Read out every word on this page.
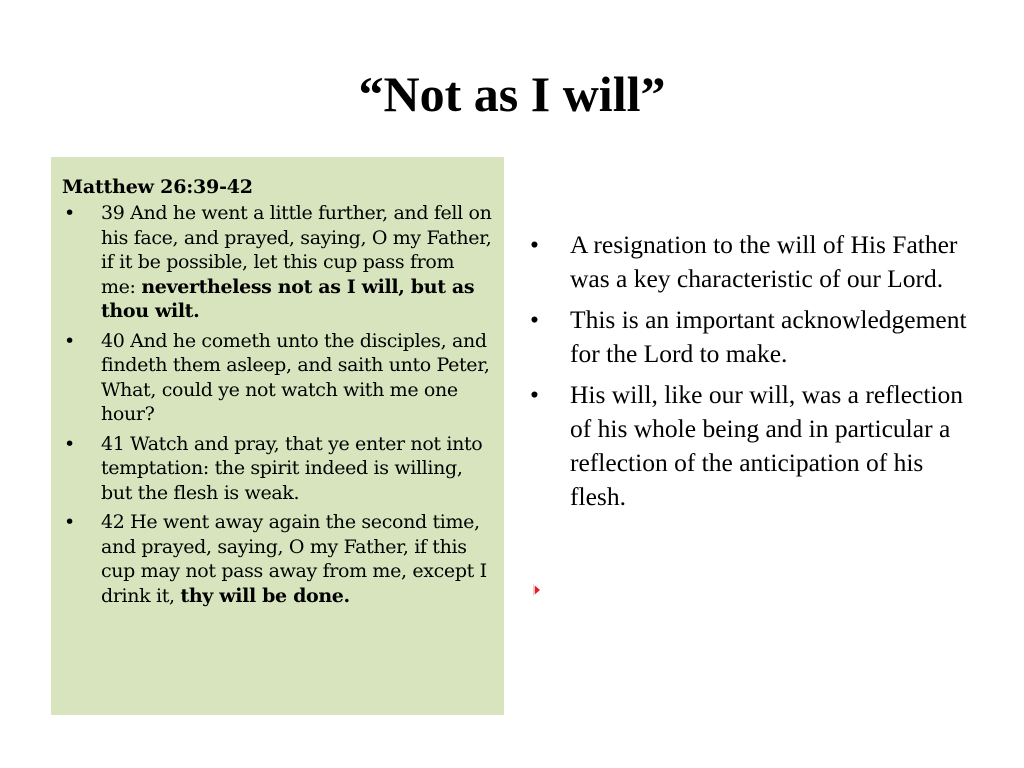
“Not as I will”
Matthew 26:39-42
• 39 And he went a little further, and fell on his face, and prayed, saying, O my Father, if it be possible, let this cup pass from me: nevertheless not as I will, but as thou wilt.
• 40 And he cometh unto the disciples, and findeth them asleep, and saith unto Peter, What, could ye not watch with me one hour?
• 41 Watch and pray, that ye enter not into temptation: the spirit indeed is willing, but the flesh is weak.
• 42 He went away again the second time, and prayed, saying, O my Father, if this cup may not pass away from me, except I drink it, thy will be done.
• A resignation to the will of His Father was a key characteristic of our Lord.
• This is an important acknowledgement for the Lord to make.
• His will, like our will, was a reflection of his whole being and in particular a reflection of the anticipation of his flesh.
